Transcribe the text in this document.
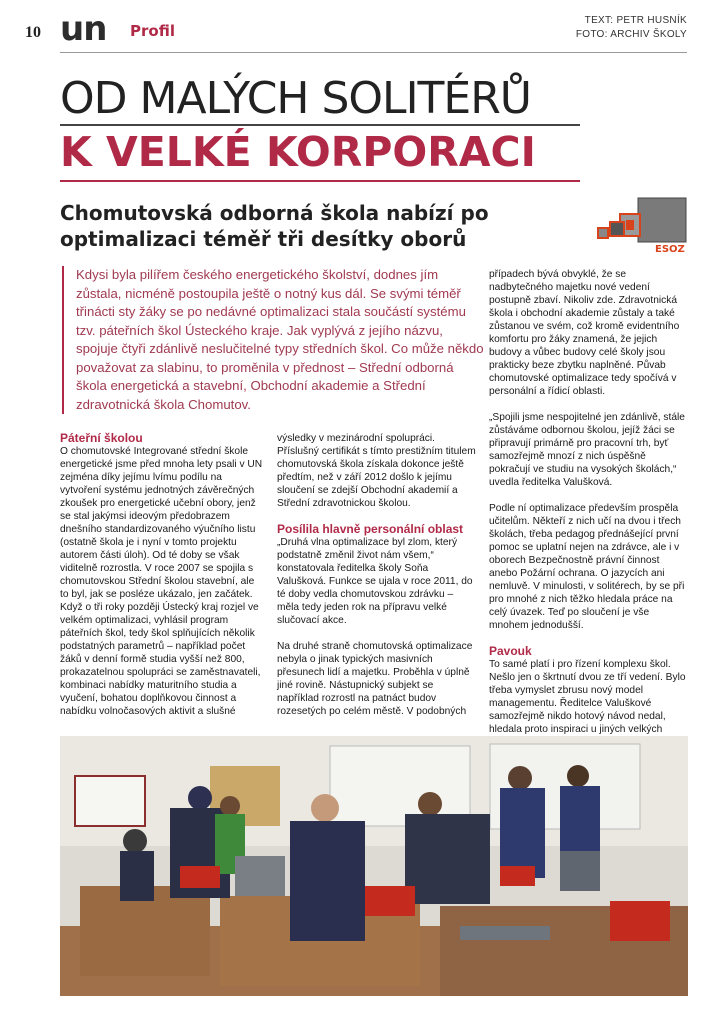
10 un Profil
TEXT: PETR HUSNÍK
FOTO: ARCHIV ŠKOLY
OD MALÝCH SOLITÉRŮ
K VELKÉ KORPORACI
Chomutovská odborná škola nabízí po optimalizaci téměř tři desítky oborů	ESOZ
Kdysi byla pilířem českého energetického školství, dodnes jím zůstala, nicméně postoupila ještě o notný kus dál. Se svými téměř třinácti sty žáky se po nedávné optimalizaci stala součástí systému tzv. páteřních škol Ústeckého kraje. Jak vyplývá z jejího názvu, spojuje čtyři zdánlivě neslučitelné typy středních škol. Co může někdo považovat za slabinu, to proměnila v přednost – Střední odborná škola energetická a stavební, Obchodní akademie a Střední zdravotnická škola Chomutov.
Páteřní školou

O chomutovské Integrované střední škole energetické jsme před mnoha lety psali v UN zejména díky jejímu lvímu podílu na vytvoření systému jednotných závěrečných zkoušek pro energetické učební obory, jenž se stal jakýmsi ideovým předobrazem dnešního standardizovaného výučního listu (ostatně škola je i nyní v tomto projektu autorem části úloh). Od té doby se však viditelně rozrostla. V roce 2007 se spojila s chomutovskou Střední školou stavební, ale to byl, jak se posléze ukázalo, jen začátek. Když o tři roky později Ústecký kraj rozjel ve velkém optimalizaci, vyhlásil program páteřních škol, tedy škol splňujících několik podstatných parametrů – například počet žáků v denní formě studia vyšší než 800, prokazatelnou spolupráci se zaměstnavateli, kombinaci nabídky maturitního studia a vyučení, bohatou doplňkovou činnost a nabídku volnočasových aktivit a slušné

výsledky v mezinárodní spolupráci. Příslušný certifikát s tímto prestižním titulem chomutovská škola získala dokonce ještě předtím, než v září 2012 došlo k jejímu sloučení se zdejší Obchodní akademií a Střední zdravotnickou školou.

Posílila hlavně personální oblast

„Druhá vlna optimalizace byl zlom, který podstatně změnil život nám všem,“ konstatovala ředitelka školy Soňa Valušková. Funkce se ujala v roce 2011, do té doby vedla chomutovskou zdrávku – měla tedy jeden rok na přípravu velké slučovací akce.

Na druhé straně chomutovská optimalizace nebyla o jinak typických masivních přesunech lidí a majetku. Proběhla v úplně jiné rovině. Nástupnický subjekt se například rozrostl na patnáct budov rozesetých po celém městě. V podobných

případech bývá obvyklé, že se nadbytečného majetku nové vedení postupně zbaví. Nikoliv zde. Zdravotnická škola i obchodní akademie zůstaly a také zůstanou ve svém, což kromě evidentního komfortu pro žáky znamená, že jejich budovy a vůbec budovy celé školy jsou prakticky beze zbytku naplněné. Půvab chomutovské optimalizace tedy spočívá v personální a řídicí oblasti.

„Spojili jsme nespojitelné jen zdánlivě, stále zůstáváme odbornou školou, jejíž žáci se připravují primárně pro pracovní trh, byť samozřejmě mnozí z nich úspěšně pokračují ve studiu na vysokých školách,“ uvedla ředitelka Valušková.

Podle ní optimalizace především prospěla učitelům. Někteří z nich učí na dvou i třech školách, třeba pedagog přednášející první pomoc se uplatní nejen na zdrávce, ale i v oborech Bezpečnostně právní činnost anebo Požární ochrana. O jazycích ani nemluvě. V minulosti, v solitérech, by se při pro mnohé z nich těžko hledala práce na celý úvazek. Teď po sloučení je vše mnohem jednodušší.

Pavouk

To samé platí i pro řízení komplexu škol. Nešlo jen o škrtnutí dvou ze tří vedení. Bylo třeba vymyslet zbrusu nový model managementu. Ředitelce Valuškové samozřejmě nikdo hotový návod nedal, hledala proto inspiraci u jiných velkých
